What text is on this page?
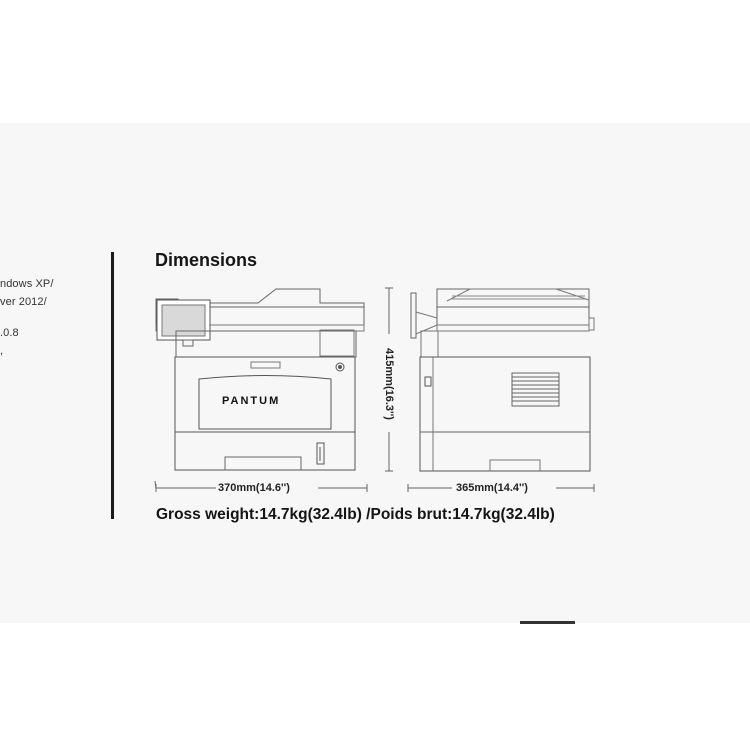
ndows XP/
ver 2012/
.0.8
,
Dimensions
PANTUM
370mm(14.6'')	365mm(14.4'')
415mm(16.3'')
Gross weight:14.7kg(32.4lb) /Poids brut:14.7kg(32.4lb)
